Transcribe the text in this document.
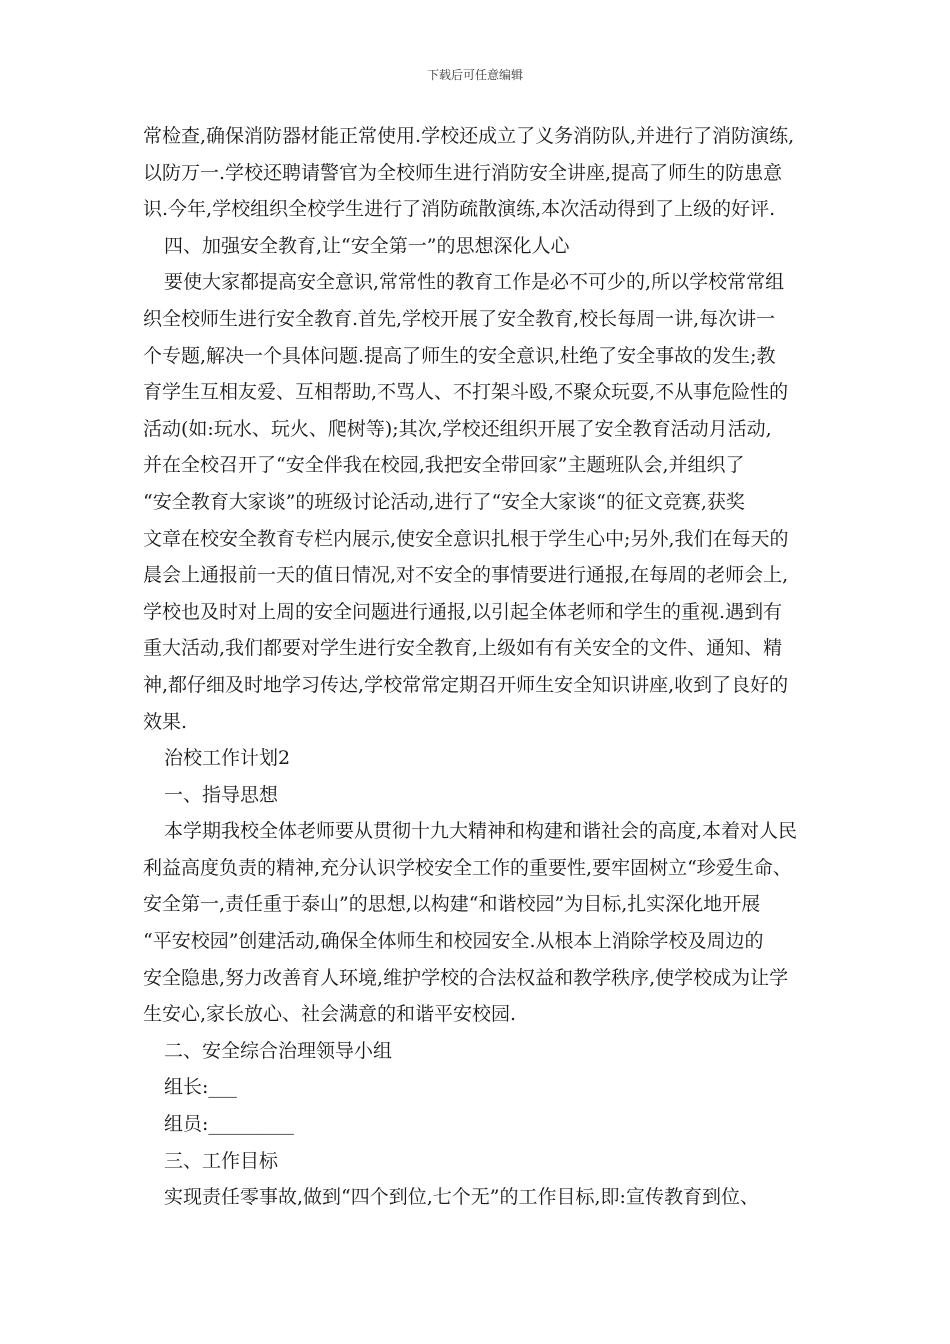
下载后可任意编辑
常检查,确保消防器材能正常使用.学校还成立了义务消防队,并进行了消防演练,
以防万一.学校还聘请警官为全校师生进行消防安全讲座,提高了师生的防患意
识.今年,学校组织全校学生进行了消防疏散演练,本次活动得到了上级的好评.
四、加强安全教育,让“安全第一”的思想深化人心
要使大家都提高安全意识,常常性的教育工作是必不可少的,所以学校常常组
织全校师生进行安全教育.首先,学校开展了安全教育,校长每周一讲,每次讲一
个专题,解决一个具体问题.提高了师生的安全意识,杜绝了安全事故的发生;教
育学生互相友爱、互相帮助,不骂人、不打架斗殴,不聚众玩耍,不从事危险性的
活动(如:玩水、玩火、爬树等);其次,学校还组织开展了安全教育活动月活动,
并在全校召开了“安全伴我在校园,我把安全带回家”主题班队会,并组织了
“安全教育大家谈”的班级讨论活动,进行了“安全大家谈“的征文竞赛,获奖
文章在校安全教育专栏内展示,使安全意识扎根于学生心中;另外,我们在每天的
晨会上通报前一天的值日情况,对不安全的事情要进行通报,在每周的老师会上,
学校也及时对上周的安全问题进行通报,以引起全体老师和学生的重视.遇到有
重大活动,我们都要对学生进行安全教育,上级如有有关安全的文件、通知、精
神,都仔细及时地学习传达,学校常常定期召开师生安全知识讲座,收到了良好的
效果.
治校工作计划2
一、指导思想
本学期我校全体老师要从贯彻十九大精神和构建和谐社会的高度,本着对人民
利益高度负责的精神,充分认识学校安全工作的重要性,要牢固树立“珍爱生命、
安全第一,责任重于泰山”的思想,以构建“和谐校园”为目标,扎实深化地开展
“平安校园”创建活动,确保全体师生和校园安全.从根本上消除学校及周边的
安全隐患,努力改善育人环境,维护学校的合法权益和教学秩序,使学校成为让学
生安心,家长放心、社会满意的和谐平安校园.
二、安全综合治理领导小组
组长:___
组员:_________
三、工作目标
实现责任零事故,做到“四个到位,七个无”的工作目标,即:宣传教育到位、
